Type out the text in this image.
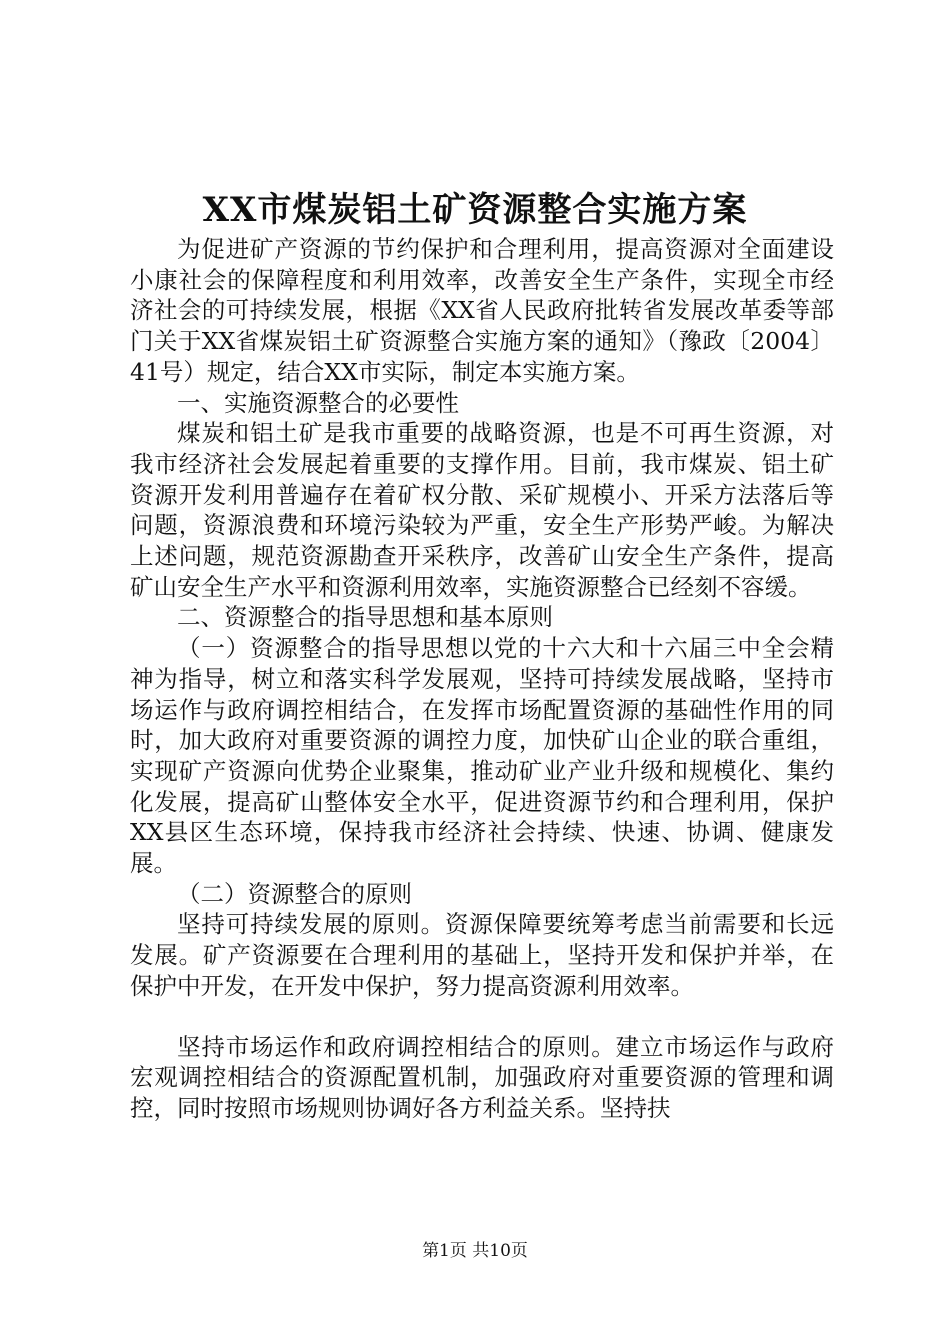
XX市煤炭铝土矿资源整合实施方案

为促进矿产资源的节约保护和合理利用，提高资源对全面建设小康社会的保障程度和利用效率，改善安全生产条件，实现全市经济社会的可持续发展，根据《XX省人民政府批转省发展改革委等部门关于XX省煤炭铝土矿资源整合实施方案的通知》（豫政〔2004〕41号）规定，结合XX市实际，制定本实施方案。

一、实施资源整合的必要性

煤炭和铝土矿是我市重要的战略资源，也是不可再生资源，对我市经济社会发展起着重要的支撑作用。目前，我市煤炭、铝土矿资源开发利用普遍存在着矿权分散、采矿规模小、开采方法落后等问题，资源浪费和环境污染较为严重，安全生产形势严峻。为解决上述问题，规范资源勘查开采秩序，改善矿山安全生产条件，提高矿山安全生产水平和资源利用效率，实施资源整合已经刻不容缓。

二、资源整合的指导思想和基本原则

（一）资源整合的指导思想以党的十六大和十六届三中全会精神为指导，树立和落实科学发展观，坚持可持续发展战略，坚持市场运作与政府调控相结合，在发挥市场配置资源的基础性作用的同时，加大政府对重要资源的调控力度，加快矿山企业的联合重组，实现矿产资源向优势企业聚集，推动矿业产业升级和规模化、集约化发展，提高矿山整体安全水平，促进资源节约和合理利用，保护XX县区生态环境，保持我市经济社会持续、快速、协调、健康发展。

（二）资源整合的原则

坚持可持续发展的原则。资源保障要统筹考虑当前需要和长远发展。矿产资源要在合理利用的基础上，坚持开发和保护并举，在保护中开发，在开发中保护，努力提高资源利用效率。

坚持市场运作和政府调控相结合的原则。建立市场运作与政府宏观调控相结合的资源配置机制，加强政府对重要资源的管理和调控，同时按照市场规则协调好各方利益关系。坚持扶

第1页 共10页
